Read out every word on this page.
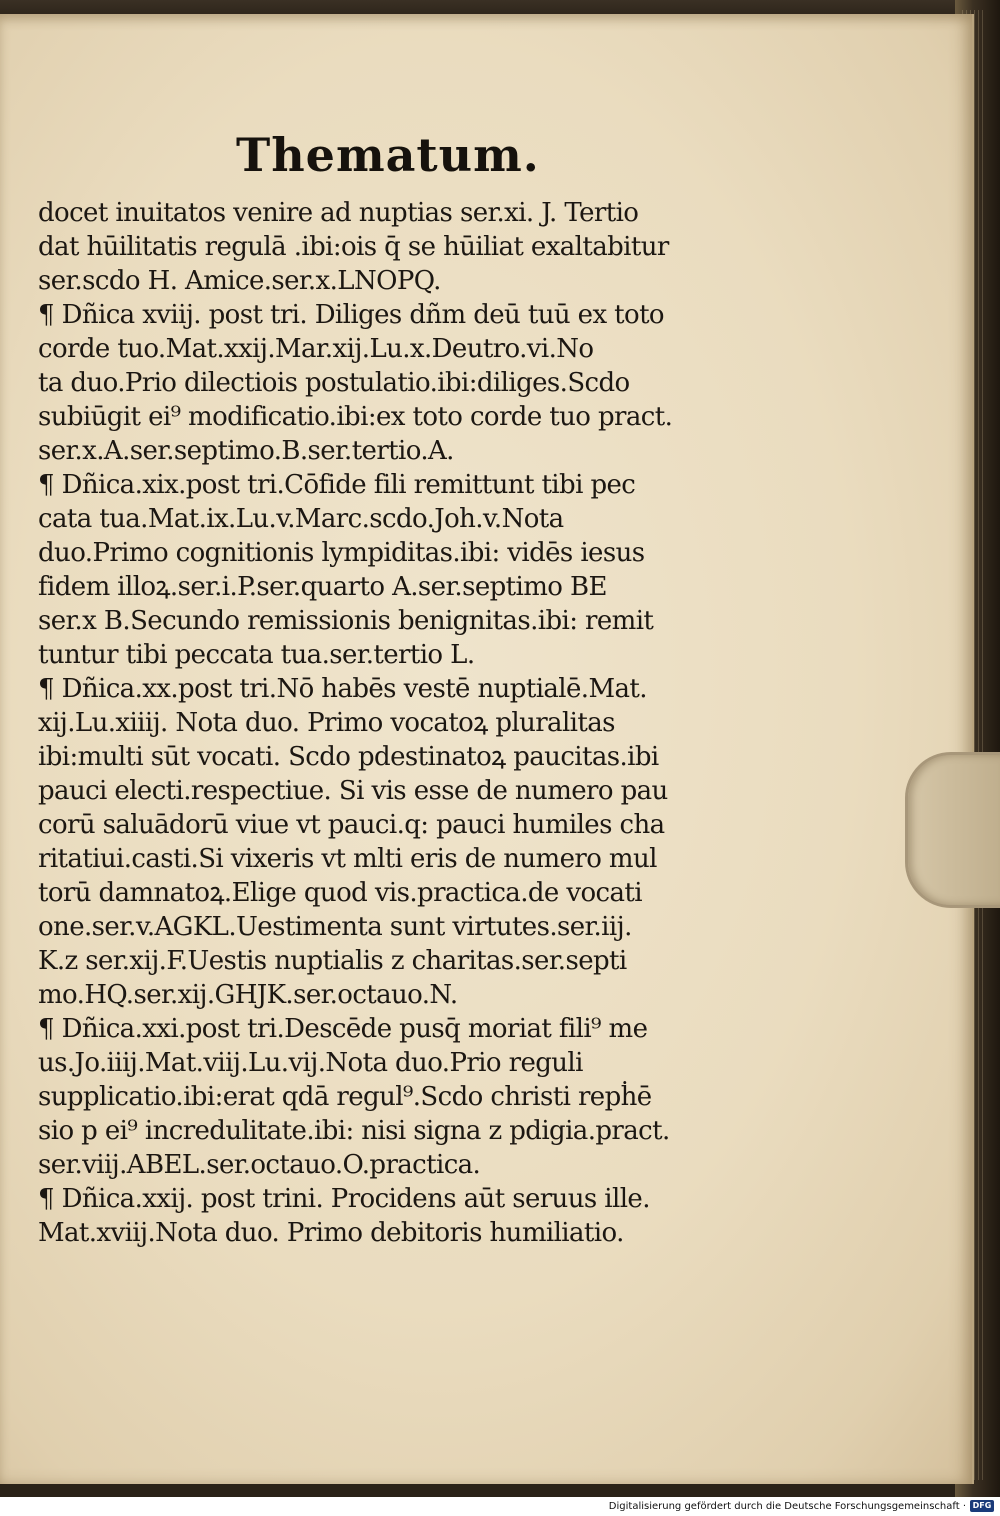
Thematum.
docet inuitatos venire ad nuptias ser.xi. J. Tertio
dat hūilitatis regulā .ibi:ois q̄ se hūiliat exaltabitur
ser.scdo H. Amice.ser.x.LNOPQ.
¶ Dñica xviij. post tri. Diliges dñm deū tuū ex toto
corde tuo.Mat.xxij.Mar.xij.Lu.x.Deutro.vi.No
ta duo.Prio dilectiois postulatio.ibi:diliges.Scdo
subiūgit ei⁹ modificatio.ibi:ex toto corde tuo pract.
ser.x.A.ser.septimo.B.ser.tertio.A.
¶ Dñica.xix.post tri.Cōfide fili remittunt tibi pec
cata tua.Mat.ix.Lu.v.Marc.scdo.Joh.v.Nota
duo.Primo cognitionis lympiditas.ibi: vidēs iesus
fidem illoꝝ.ser.i.P.ser.quarto A.ser.septimo BE
ser.x B.Secundo remissionis benignitas.ibi: remit
tuntur tibi peccata tua.ser.tertio L.
¶ Dñica.xx.post tri.Nō habēs vestē nuptialē.Mat.
xij.Lu.xiiij. Nota duo. Primo vocatoꝝ pluralitas
ibi:multi sūt vocati. Scdo pdestinatoꝝ paucitas.ibi
pauci electi.respectiue. Si vis esse de numero pau
corū saluādorū viue vt pauci.q: pauci humiles cha
ritatiui.casti.Si vixeris vt mlti eris de numero mul
torū damnatoꝝ.Elige quod vis.practica.de vocati
one.ser.v.AGKL.Uestimenta sunt virtutes.ser.iij.
K.z ser.xij.F.Uestis nuptialis z charitas.ser.septi
mo.HQ.ser.xij.GHJK.ser.octauo.N.
¶ Dñica.xxi.post tri.Descēde pusq̄ moriat fili⁹ me
us.Jo.iiij.Mat.viij.Lu.vij.Nota duo.Prio reguli
supplicatio.ibi:erat qdā regul⁹.Scdo christi repḣē
sio p ei⁹ incredulitate.ibi: nisi signa z pdigia.pract.
ser.viij.ABEL.ser.octauo.O.practica.
¶ Dñica.xxij. post trini. Procidens aūt seruus ille.
Mat.xviij.Nota duo. Primo debitoris humiliatio.
Digitalisierung gefördert durch die Deutsche Forschungsgemeinschaft · DFG
